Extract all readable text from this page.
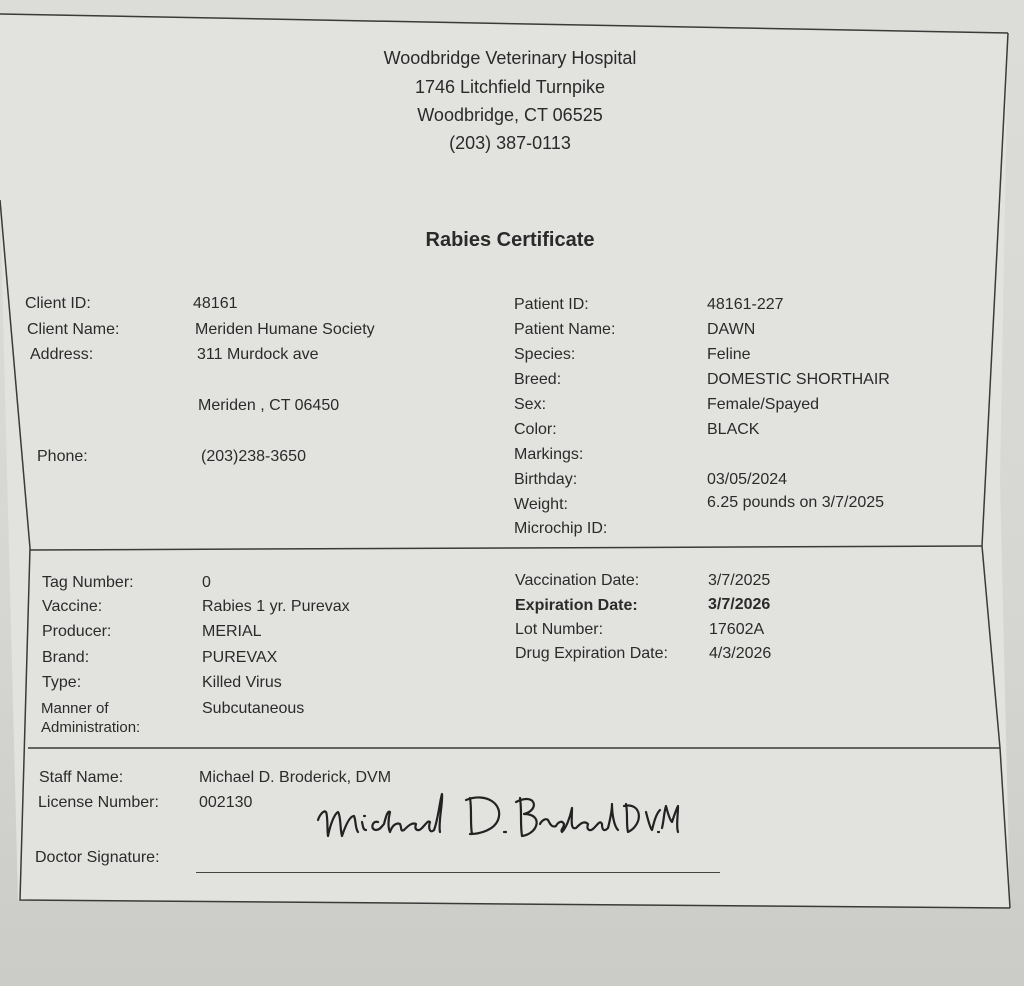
Woodbridge Veterinary Hospital
1746 Litchfield Turnpike
Woodbridge, CT 06525
(203) 387-0113
Rabies Certificate
Client ID:	48161
Client Name:	Meriden Humane Society
Address:	311 Murdock ave
Meriden , CT 06450
Phone:	(203)238-3650
Patient ID:	48161-227
Patient Name:	DAWN
Species:	Feline
Breed:	DOMESTIC SHORTHAIR
Sex:	Female/Spayed
Color:	BLACK
Markings:
Birthday:	03/05/2024
Weight:	6.25 pounds on 3/7/2025
Microchip ID:
Tag Number:	0
Vaccine:	Rabies 1 yr. Purevax
Producer:	MERIAL
Brand:	PUREVAX
Type:	Killed Virus
Manner of
Administration:
Subcutaneous
Vaccination Date:	3/7/2025
Expiration Date:	3/7/2026
Lot Number:	17602A
Drug Expiration Date:	4/3/2026
Staff Name:	Michael D. Broderick, DVM
License Number:	002130
Doctor Signature:
